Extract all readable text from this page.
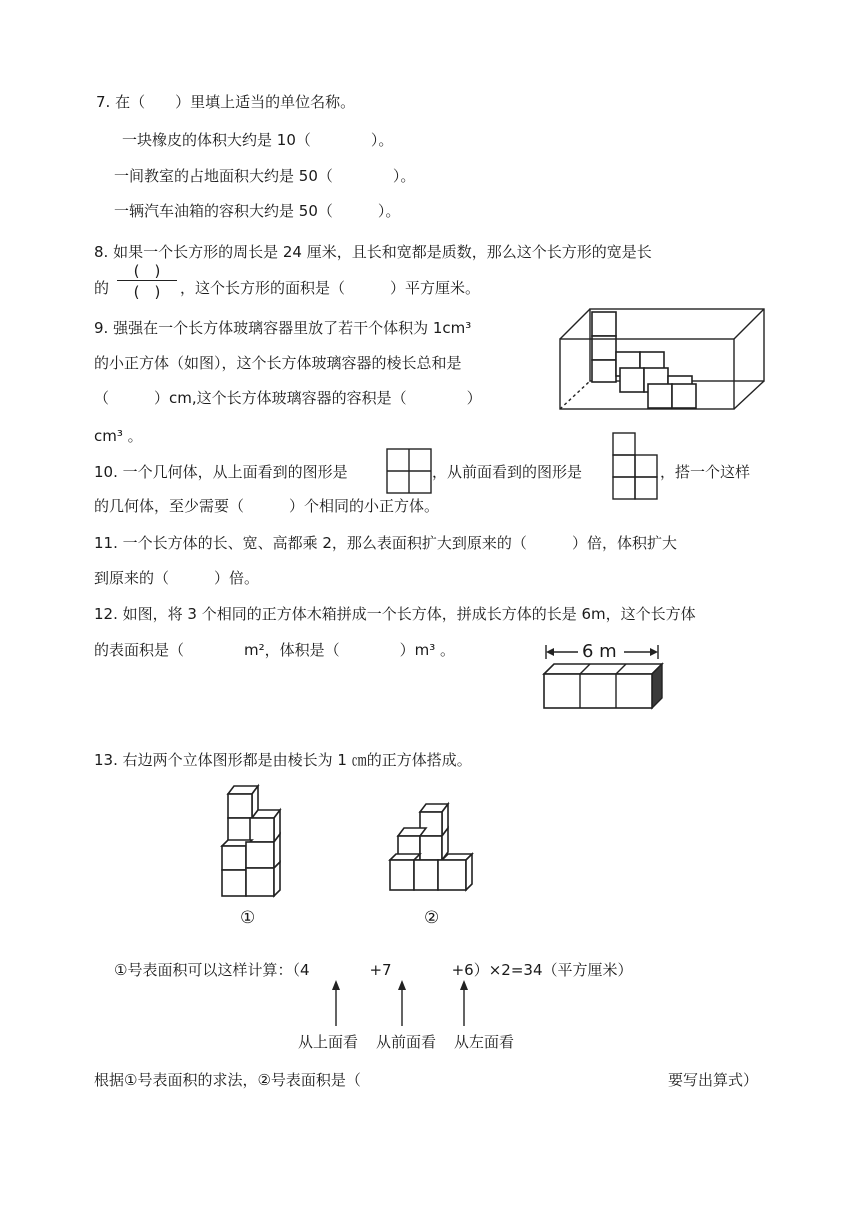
7. 在（　　）里填上适当的单位名称。
一块橡皮的体积大约是 10（　　　　）。
一间教室的占地面积大约是 50（　　　　）。
一辆汽车油箱的容积大约是 50（　　　）。
8. 如果一个长方形的周长是 24 厘米，且长和宽都是质数，那么这个长方形的宽是长
的
(　)
(　)	，这个长方形的面积是（　　　）平方厘米。
9. 强强在一个长方体玻璃容器里放了若干个体积为 1cm³
的小正方体（如图），这个长方体玻璃容器的棱长总和是
（　　　）cm,这个长方体玻璃容器的容积是（　　　　）
cm³ 。
10. 一个几何体，从上面看到的图形是	，从前面看到的图形是	，搭一个这样
的几何体，至少需要（　　　）个相同的小正方体。
11. 一个长方体的长、宽、高都乘 2，那么表面积扩大到原来的（　　　）倍，体积扩大
到原来的（　　　）倍。
12. 如图，将 3 个相同的正方体木箱拼成一个长方体，拼成长方体的长是 6m，这个长方体
的表面积是（　　　　m²，体积是（　　　　）m³ 。	6 m
13. 右边两个立体图形都是由棱长为 1 ㎝的正方体搭成。
①	②
①号表面积可以这样计算：（4　　　　+7　　　　+6）×2=34（平方厘米）
从上面看 从前面看 从左面看
根据①号表面积的求法，②号表面积是（	要写出算式）
